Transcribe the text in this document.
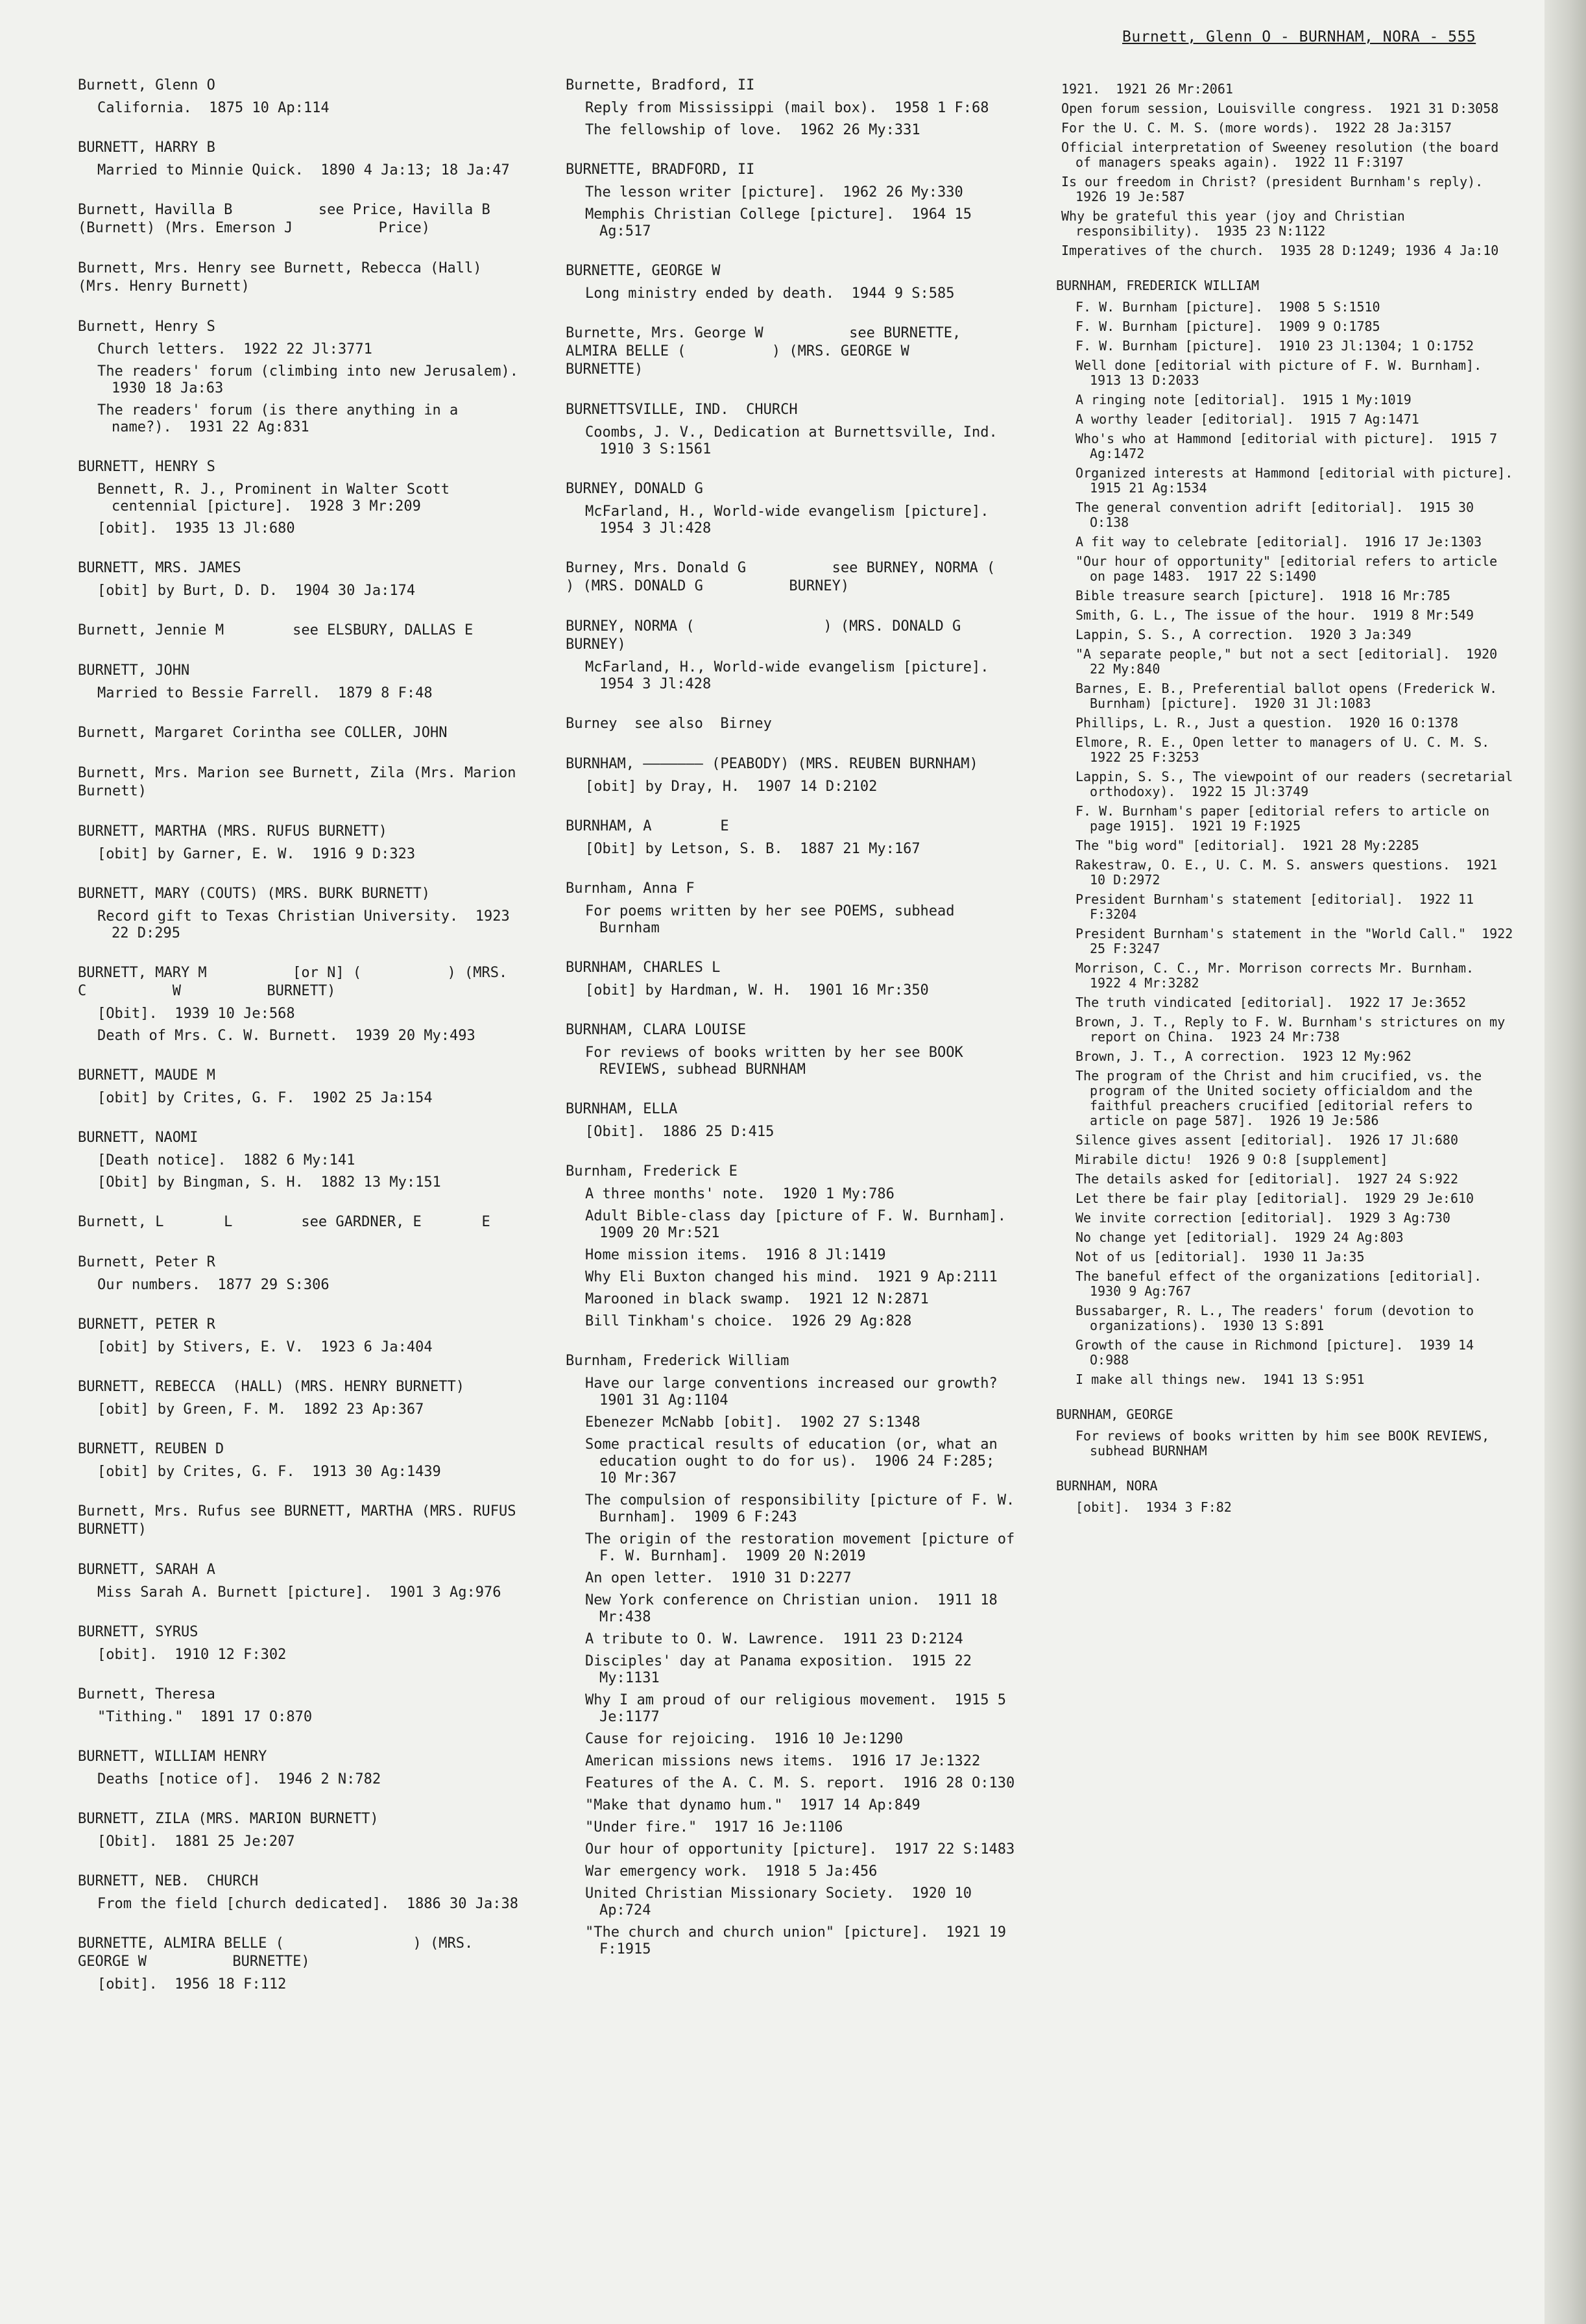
Burnett, Glenn O - BURNHAM, NORA - 555
Burnett, Glenn O
California.  1875 10 Ap:114
BURNETT, HARRY B
Married to Minnie Quick.  1890 4 Ja:13; 18 Ja:47
Burnett, Havilla B          see Price, Havilla B          (Burnett) (Mrs. Emerson J          Price)
Burnett, Mrs. Henry see Burnett, Rebecca (Hall)(Mrs. Henry Burnett)
Burnett, Henry S
Church letters.  1922 22 Jl:3771
The readers' forum (climbing into new Jerusalem).  1930 18 Ja:63
The readers' forum (is there anything in a name?).  1931 22 Ag:831
BURNETT, HENRY S
Bennett, R. J., Prominent in Walter Scott centennial [picture].  1928 3 Mr:209
[obit].  1935 13 Jl:680
BURNETT, MRS. JAMES
[obit] by Burt, D. D.  1904 30 Ja:174
Burnett, Jennie M        see ELSBURY, DALLAS E
BURNETT, JOHN
Married to Bessie Farrell.  1879 8 F:48
Burnett, Margaret Corintha see COLLER, JOHN
Burnett, Mrs. Marion see Burnett, Zila (Mrs. Marion Burnett)
BURNETT, MARTHA (MRS. RUFUS BURNETT)
[obit] by Garner, E. W.  1916 9 D:323
BURNETT, MARY (COUTS) (MRS. BURK BURNETT)
Record gift to Texas Christian University.  1923 22 D:295
BURNETT, MARY M          [or N] (          ) (MRS. C          W          BURNETT)
[Obit].  1939 10 Je:568
Death of Mrs. C. W. Burnett.  1939 20 My:493
BURNETT, MAUDE M
[obit] by Crites, G. F.  1902 25 Ja:154
BURNETT, NAOMI
[Death notice].  1882 6 My:141
[Obit] by Bingman, S. H.  1882 13 My:151
Burnett, L       L        see GARDNER, E       E
Burnett, Peter R
Our numbers.  1877 29 S:306
BURNETT, PETER R
[obit] by Stivers, E. V.  1923 6 Ja:404
BURNETT, REBECCA  (HALL) (MRS. HENRY BURNETT)
[obit] by Green, F. M.  1892 23 Ap:367
BURNETT, REUBEN D
[obit] by Crites, G. F.  1913 30 Ag:1439
Burnett, Mrs. Rufus see BURNETT, MARTHA (MRS. RUFUS BURNETT)
BURNETT, SARAH A
Miss Sarah A. Burnett [picture].  1901 3 Ag:976
BURNETT, SYRUS
[obit].  1910 12 F:302
Burnett, Theresa
"Tithing."  1891 17 O:870
BURNETT, WILLIAM HENRY
Deaths [notice of].  1946 2 N:782
BURNETT, ZILA (MRS. MARION BURNETT)
[Obit].  1881 25 Je:207
BURNETT, NEB.  CHURCH
From the field [church dedicated].  1886 30 Ja:38
BURNETTE, ALMIRA BELLE (               ) (MRS. GEORGE W          BURNETTE)
[obit].  1956 18 F:112
Burnette, Bradford, II
Reply from Mississippi (mail box).  1958 1 F:68
The fellowship of love.  1962 26 My:331
BURNETTE, BRADFORD, II
The lesson writer [picture].  1962 26 My:330
Memphis Christian College [picture].  1964 15 Ag:517
BURNETTE, GEORGE W
Long ministry ended by death.  1944 9 S:585
Burnette, Mrs. George W          see BURNETTE, ALMIRA BELLE (          ) (MRS. GEORGE W          BURNETTE)
BURNETTSVILLE, IND.  CHURCH
Coombs, J. V., Dedication at Burnettsville, Ind.  1910 3 S:1561
BURNEY, DONALD G
McFarland, H., World-wide evangelism [picture].  1954 3 Jl:428
Burney, Mrs. Donald G          see BURNEY, NORMA (               ) (MRS. DONALD G          BURNEY)
BURNEY, NORMA (               ) (MRS. DONALD G          BURNEY)
McFarland, H., World-wide evangelism [picture].  1954 3 Jl:428
Burney  see also  Birney
BURNHAM, ——————— (PEABODY) (MRS. REUBEN BURNHAM)
[obit] by Dray, H.  1907 14 D:2102
BURNHAM, A        E
[Obit] by Letson, S. B.  1887 21 My:167
Burnham, Anna F
For poems written by her see POEMS, subhead Burnham
BURNHAM, CHARLES L
[obit] by Hardman, W. H.  1901 16 Mr:350
BURNHAM, CLARA LOUISE
For reviews of books written by her see BOOK REVIEWS, subhead BURNHAM
BURNHAM, ELLA
[Obit].  1886 25 D:415
Burnham, Frederick E
A three months' note.  1920 1 My:786
Adult Bible-class day [picture of F. W. Burnham].  1909 20 Mr:521
Home mission items.  1916 8 Jl:1419
Why Eli Buxton changed his mind.  1921 9 Ap:2111
Marooned in black swamp.  1921 12 N:2871
Bill Tinkham's choice.  1926 29 Ag:828
Burnham, Frederick William
Have our large conventions increased our growth?  1901 31 Ag:1104
Ebenezer McNabb [obit].  1902 27 S:1348
Some practical results of education (or, what an education ought to do for us).  1906 24 F:285; 10 Mr:367
The compulsion of responsibility [picture of F. W. Burnham].  1909 6 F:243
The origin of the restoration movement [picture of F. W. Burnham].  1909 20 N:2019
An open letter.  1910 31 D:2277
New York conference on Christian union.  1911 18 Mr:438
A tribute to O. W. Lawrence.  1911 23 D:2124
Disciples' day at Panama exposition.  1915 22 My:1131
Why I am proud of our religious movement.  1915 5 Je:1177
Cause for rejoicing.  1916 10 Je:1290
American missions news items.  1916 17 Je:1322
Features of the A. C. M. S. report.  1916 28 O:130
"Make that dynamo hum."  1917 14 Ap:849
"Under fire."  1917 16 Je:1106
Our hour of opportunity [picture].  1917 22 S:1483
War emergency work.  1918 5 Ja:456
United Christian Missionary Society.  1920 10 Ap:724
"The church and church union" [picture].  1921 19 F:1915
1921.  1921 26 Mr:2061
Open forum session, Louisville congress.  1921 31 D:3058
For the U. C. M. S. (more words).  1922 28 Ja:3157
Official interpretation of Sweeney resolution (the board of managers speaks again).  1922 11 F:3197
Is our freedom in Christ? (president Burnham's reply).  1926 19 Je:587
Why be grateful this year (joy and Christian responsibility).  1935 23 N:1122
Imperatives of the church.  1935 28 D:1249; 1936 4 Ja:10
BURNHAM, FREDERICK WILLIAM
F. W. Burnham [picture].  1908 5 S:1510
F. W. Burnham [picture].  1909 9 O:1785
F. W. Burnham [picture].  1910 23 Jl:1304; 1 O:1752
Well done [editorial with picture of F. W. Burnham].  1913 13 D:2033
A ringing note [editorial].  1915 1 My:1019
A worthy leader [editorial].  1915 7 Ag:1471
Who's who at Hammond [editorial with picture].  1915 7 Ag:1472
Organized interests at Hammond [editorial with picture].  1915 21 Ag:1534
The general convention adrift [editorial].  1915 30 O:138
A fit way to celebrate [editorial].  1916 17 Je:1303
"Our hour of opportunity" [editorial refers to article on page 1483.  1917 22 S:1490
Bible treasure search [picture].  1918 16 Mr:785
Smith, G. L., The issue of the hour.  1919 8 Mr:549
Lappin, S. S., A correction.  1920 3 Ja:349
"A separate people," but not a sect [editorial].  1920 22 My:840
Barnes, E. B., Preferential ballot opens (Frederick W. Burnham) [picture].  1920 31 Jl:1083
Phillips, L. R., Just a question.  1920 16 O:1378
Elmore, R. E., Open letter to managers of U. C. M. S.  1922 25 F:3253
Lappin, S. S., The viewpoint of our readers (secretarial orthodoxy).  1922 15 Jl:3749
F. W. Burnham's paper [editorial refers to article on page 1915].  1921 19 F:1925
The "big word" [editorial].  1921 28 My:2285
Rakestraw, O. E., U. C. M. S. answers questions.  1921 10 D:2972
President Burnham's statement [editorial].  1922 11 F:3204
President Burnham's statement in the "World Call."  1922 25 F:3247
Morrison, C. C., Mr. Morrison corrects Mr. Burnham.  1922 4 Mr:3282
The truth vindicated [editorial].  1922 17 Je:3652
Brown, J. T., Reply to F. W. Burnham's strictures on my report on China.  1923 24 Mr:738
Brown, J. T., A correction.  1923 12 My:962
The program of the Christ and him crucified, vs. the program of the United society officialdom and the faithful preachers crucified [editorial refers to article on page 587].  1926 19 Je:586
Silence gives assent [editorial].  1926 17 Jl:680
Mirabile dictu!  1926 9 O:8 [supplement]
The details asked for [editorial].  1927 24 S:922
Let there be fair play [editorial].  1929 29 Je:610
We invite correction [editorial].  1929 3 Ag:730
No change yet [editorial].  1929 24 Ag:803
Not of us [editorial].  1930 11 Ja:35
The baneful effect of the organizations [editorial].  1930 9 Ag:767
Bussabarger, R. L., The readers' forum (devotion to organizations).  1930 13 S:891
Growth of the cause in Richmond [picture].  1939 14 O:988
I make all things new.  1941 13 S:951
BURNHAM, GEORGE
For reviews of books written by him see BOOK REVIEWS, subhead BURNHAM
BURNHAM, NORA
[obit].  1934 3 F:82
